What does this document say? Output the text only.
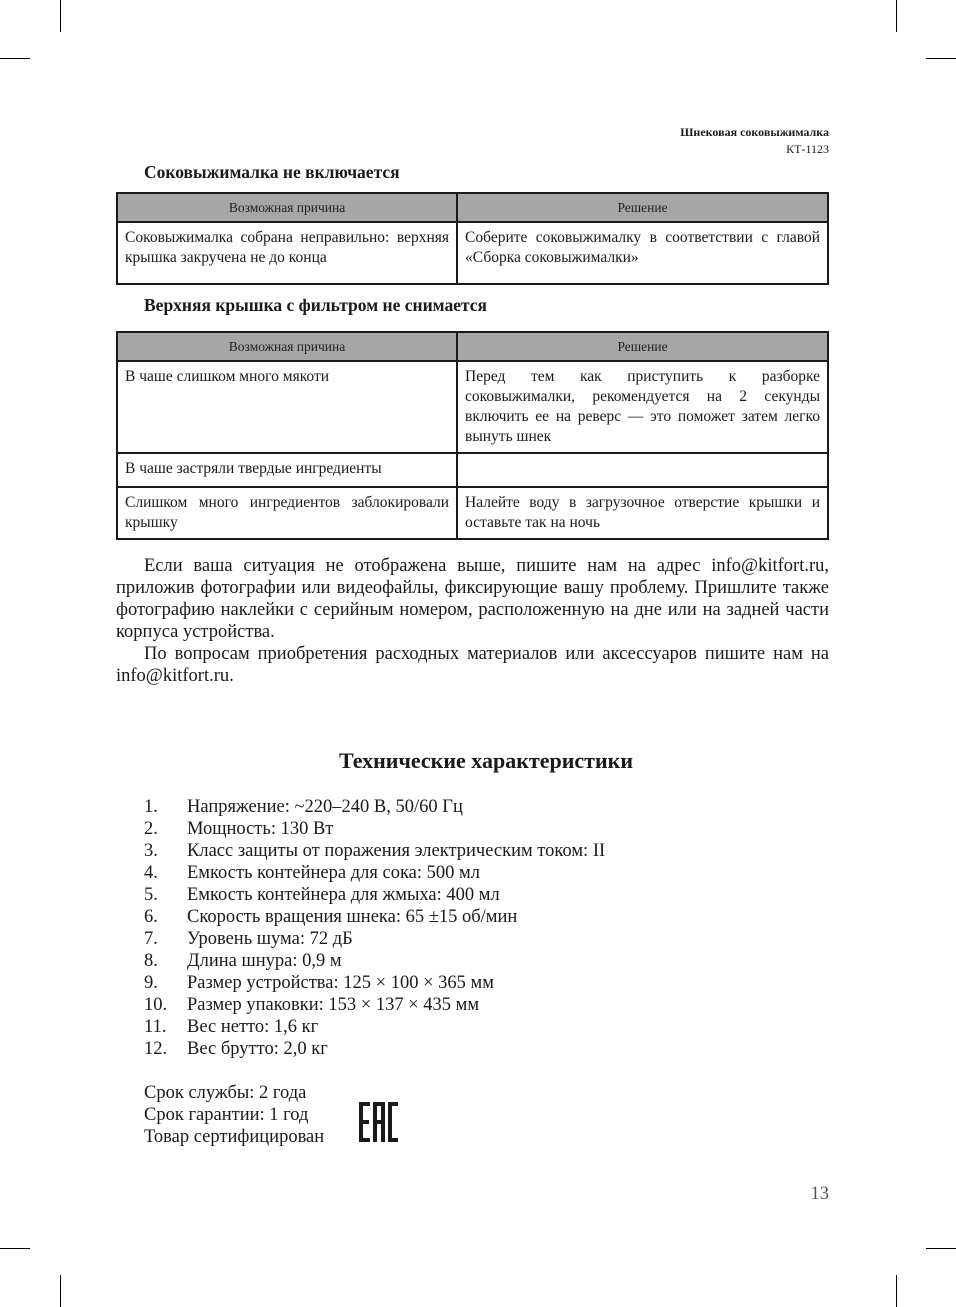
Шнековая соковыжималка
КТ-1123
Соковыжималка не включается
Возможная причина	Решение
Соковыжималка собрана неправильно: верхняя крышка закручена не до конца	Соберите соковыжималку в соответствии с главой «Сборка соковыжималки»
Верхняя крышка с фильтром не снимается
Возможная причина	Решение
В чаше слишком много мякоти	Перед тем как приступить к разборке соковыжималки, рекомендуется на 2 секунды включить ее на реверс — это поможет затем легко вынуть шнек
В чаше застряли твердые ингредиенты	
Слишком много ингредиентов заблокировали крышку	Налейте воду в загрузочное отверстие крышки и оставьте так на ночь

Если ваша ситуация не отображена выше, пишите нам на адрес info@kitfort.ru, приложив фотографии или видеофайлы, фиксирующие вашу проблему. Пришлите также фотографию наклейки с серийным номером, расположенную на дне или на задней части корпуса устройства.

По вопросам приобретения расходных материалов или аксессуаров пишите нам на info@kitfort.ru.

Технические характеристики
1.	Напряжение: ~220–240 В, 50/60 Гц
2.	Мощность: 130 Вт
3.	Класс защиты от поражения электрическим током: II
4.	Емкость контейнера для сока: 500 мл
5.	Емкость контейнера для жмыха: 400 мл
6.	Скорость вращения шнека: 65 ±15 об/мин
7.	Уровень шума: 72 дБ
8.	Длина шнура: 0,9 м
9.	Размер устройства: 125 × 100 × 365 мм
10.	Размер упаковки: 153 × 137 × 435 мм
11.	Вес нетто: 1,6 кг
12.	Вес брутто: 2,0 кг
Срок службы: 2 года
Срок гарантии: 1 год
Товар сертифицирован
13
